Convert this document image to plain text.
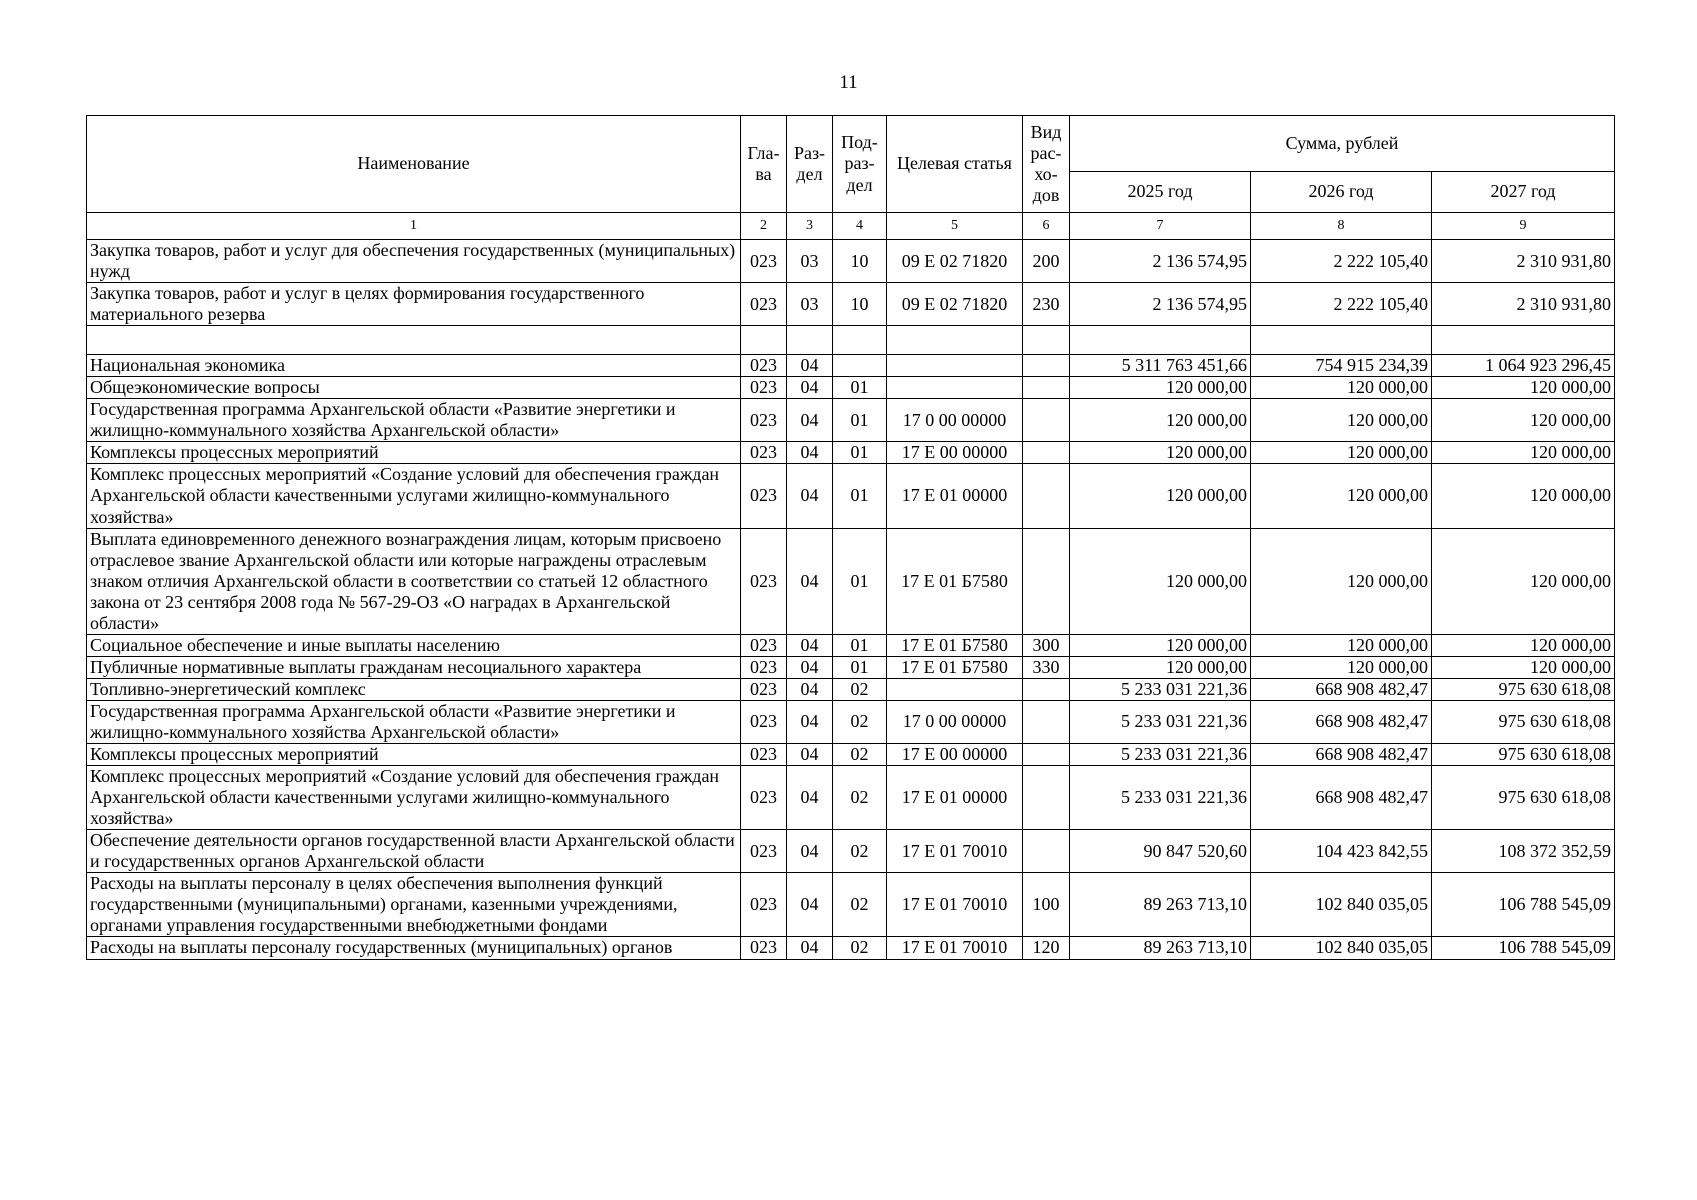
11
Наименование	Гла-ва	Раз-дел	Под-раз-дел	Целевая статья	Вид рас-хо-дов	Сумма, рублей		
						2025 год	2026 год	2027 год
1	2	3	4	5	6	7	8	9
Закупка товаров, работ и услуг для обеспечения государственных (муниципальных) нужд	023	03	10	09 Е 02 71820	200	2 136 574,95	2 222 105,40	2 310 931,80
Закупка товаров, работ и услуг в целях формирования государственного материального резерва	023	03	10	09 Е 02 71820	230	2 136 574,95	2 222 105,40	2 310 931,80

Национальная экономика	023	04				5 311 763 451,66	754 915 234,39	1 064 923 296,45
Общеэкономические вопросы	023	04	01			120 000,00	120 000,00	120 000,00
Государственная программа Архангельской области «Развитие энергетики и жилищно-коммунального хозяйства Архангельской области»	023	04	01	17 0 00 00000		120 000,00	120 000,00	120 000,00
Комплексы процессных мероприятий	023	04	01	17 Е 00 00000		120 000,00	120 000,00	120 000,00
Комплекс процессных мероприятий «Создание условий для обеспечения граждан Архангельской области качественными услугами жилищно-коммунального хозяйства»	023	04	01	17 Е 01 00000		120 000,00	120 000,00	120 000,00
Выплата единовременного денежного вознаграждения лицам, которым присвоено отраслевое звание Архангельской области или которые награждены отраслевым знаком отличия Архангельской области в соответствии со статьей 12 областного закона от 23 сентября 2008 года № 567-29-ОЗ «О наградах в Архангельской области»	023	04	01	17 Е 01 Б7580		120 000,00	120 000,00	120 000,00
Социальное обеспечение и иные выплаты населению	023	04	01	17 Е 01 Б7580	300	120 000,00	120 000,00	120 000,00
Публичные нормативные выплаты гражданам несоциального характера	023	04	01	17 Е 01 Б7580	330	120 000,00	120 000,00	120 000,00
Топливно-энергетический комплекс	023	04	02			5 233 031 221,36	668 908 482,47	975 630 618,08
Государственная программа Архангельской области «Развитие энергетики и жилищно-коммунального хозяйства Архангельской области»	023	04	02	17 0 00 00000		5 233 031 221,36	668 908 482,47	975 630 618,08
Комплексы процессных мероприятий	023	04	02	17 Е 00 00000		5 233 031 221,36	668 908 482,47	975 630 618,08
Комплекс процессных мероприятий «Создание условий для обеспечения граждан Архангельской области качественными услугами жилищно-коммунального хозяйства»	023	04	02	17 Е 01 00000		5 233 031 221,36	668 908 482,47	975 630 618,08
Обеспечение деятельности органов государственной власти Архангельской области и государственных органов Архангельской области	023	04	02	17 Е 01 70010		90 847 520,60	104 423 842,55	108 372 352,59
Расходы на выплаты персоналу в целях обеспечения выполнения функций государственными (муниципальными) органами, казенными учреждениями, органами управления государственными внебюджетными фондами	023	04	02	17 Е 01 70010	100	89 263 713,10	102 840 035,05	106 788 545,09
Расходы на выплаты персоналу государственных (муниципальных) органов	023	04	02	17 Е 01 70010	120	89 263 713,10	102 840 035,05	106 788 545,09
